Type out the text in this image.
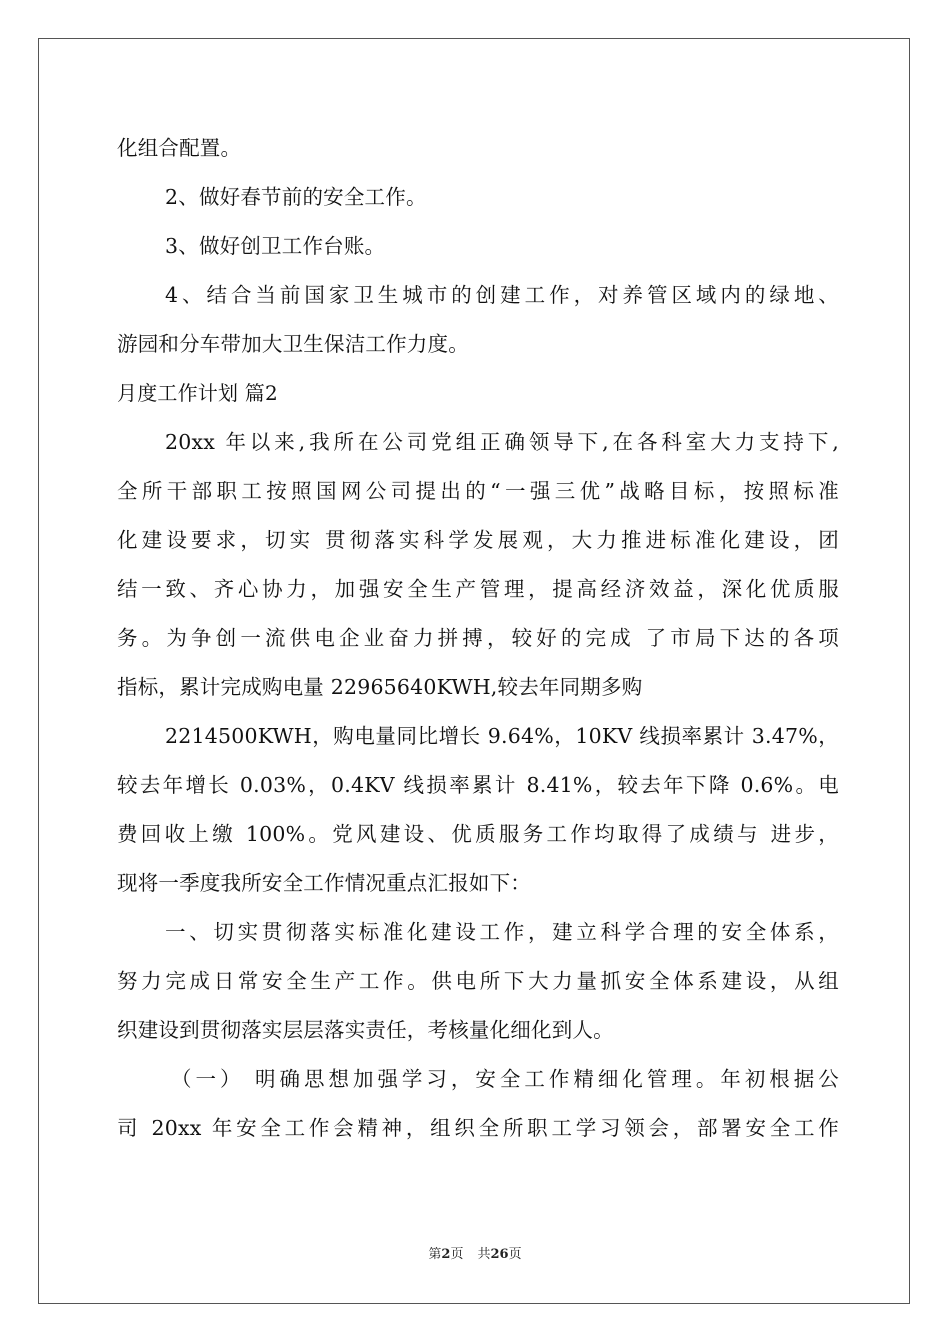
化组合配置。
2、做好春节前的安全工作。
3、做好创卫工作台账。
4、结合当前国家卫生城市的创建工作，对养管区域内的绿地、
游园和分车带加大卫生保洁工作力度。
月度工作计划 篇2
20xx 年以来,我所在公司党组正确领导下,在各科室大力支持下,
全所干部职工按照国网公司提出的“一强三优”战略目标，按照标准
化建设要求，切实 贯彻落实科学发展观，大力推进标准化建设，团
结一致、齐心协力，加强安全生产管理，提高经济效益，深化优质服
务。为争创一流供电企业奋力拼搏，较好的完成 了市局下达的各项
指标，累计完成购电量 22965640KWH,较去年同期多购
2214500KWH，购电量同比增长 9.64%，10KV 线损率累计 3.47%，
较去年增长 0.03%，0.4KV 线损率累计 8.41%，较去年下降 0.6%。电
费回收上缴 100%。党风建设、优质服务工作均取得了成绩与 进步，
现将一季度我所安全工作情况重点汇报如下：
一、切实贯彻落实标准化建设工作，建立科学合理的安全体系，
努力完成日常安全生产工作。供电所下大力量抓安全体系建设，从组
织建设到贯彻落实层层落实责任，考核量化细化到人。
（一） 明确思想加强学习，安全工作精细化管理。年初根据公
司 20xx 年安全工作会精神，组织全所职工学习领会，部署安全工作
第2页 共26页
